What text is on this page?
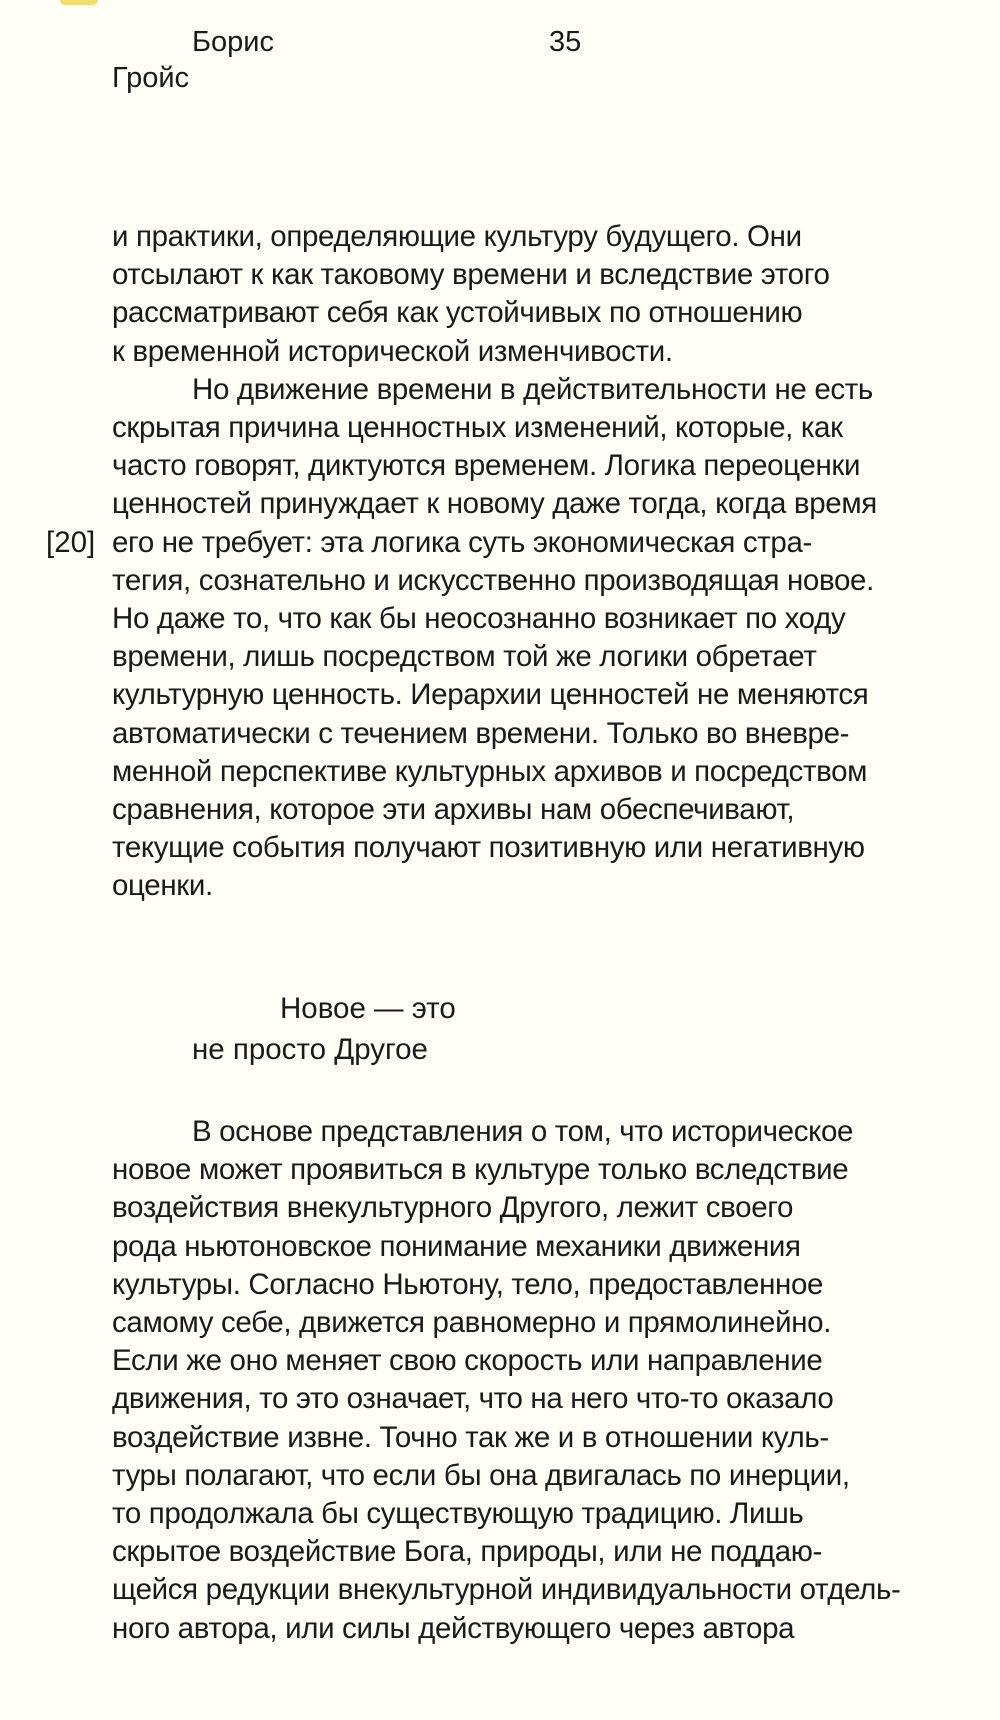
Борис
Гройс
35
[20]
и практики, определяющие культуру будущего. Они
отсылают к как таковому времени и вследствие этого
рассматривают себя как устойчивых по отношению
к временной исторической изменчивости.
Но движение времени в действительности не есть
скрытая причина ценностных изменений, которые, как
часто говорят, диктуются временем. Логика переоценки
ценностей принуждает к новому даже тогда, когда время
его не требует: эта логика суть экономическая стра-
тегия, сознательно и искусственно производящая новое.
Но даже то, что как бы неосознанно возникает по ходу
времени, лишь посредством той же логики обретает
культурную ценность. Иерархии ценностей не меняются
автоматически с течением времени. Только во вневре-
менной перспективе культурных архивов и посредством
сравнения, которое эти архивы нам обеспечивают,
текущие события получают позитивную или негативную
оценки.
Новое — это
не просто Другое
В основе представления о том, что историческое
новое может проявиться в культуре только вследствие
воздействия внекультурного Другого, лежит своего
рода ньютоновское понимание механики движения
культуры. Согласно Ньютону, тело, предоставленное
самому себе, движется равномерно и прямолинейно.
Если же оно меняет свою скорость или направление
движения, то это означает, что на него что-то оказало
воздействие извне. Точно так же и в отношении куль-
туры полагают, что если бы она двигалась по инерции,
то продолжала бы существующую традицию. Лишь
скрытое воздействие Бога, природы, или не поддаю-
щейся редукции внекультурной индивидуальности отдель-
ного автора, или силы действующего через автора
